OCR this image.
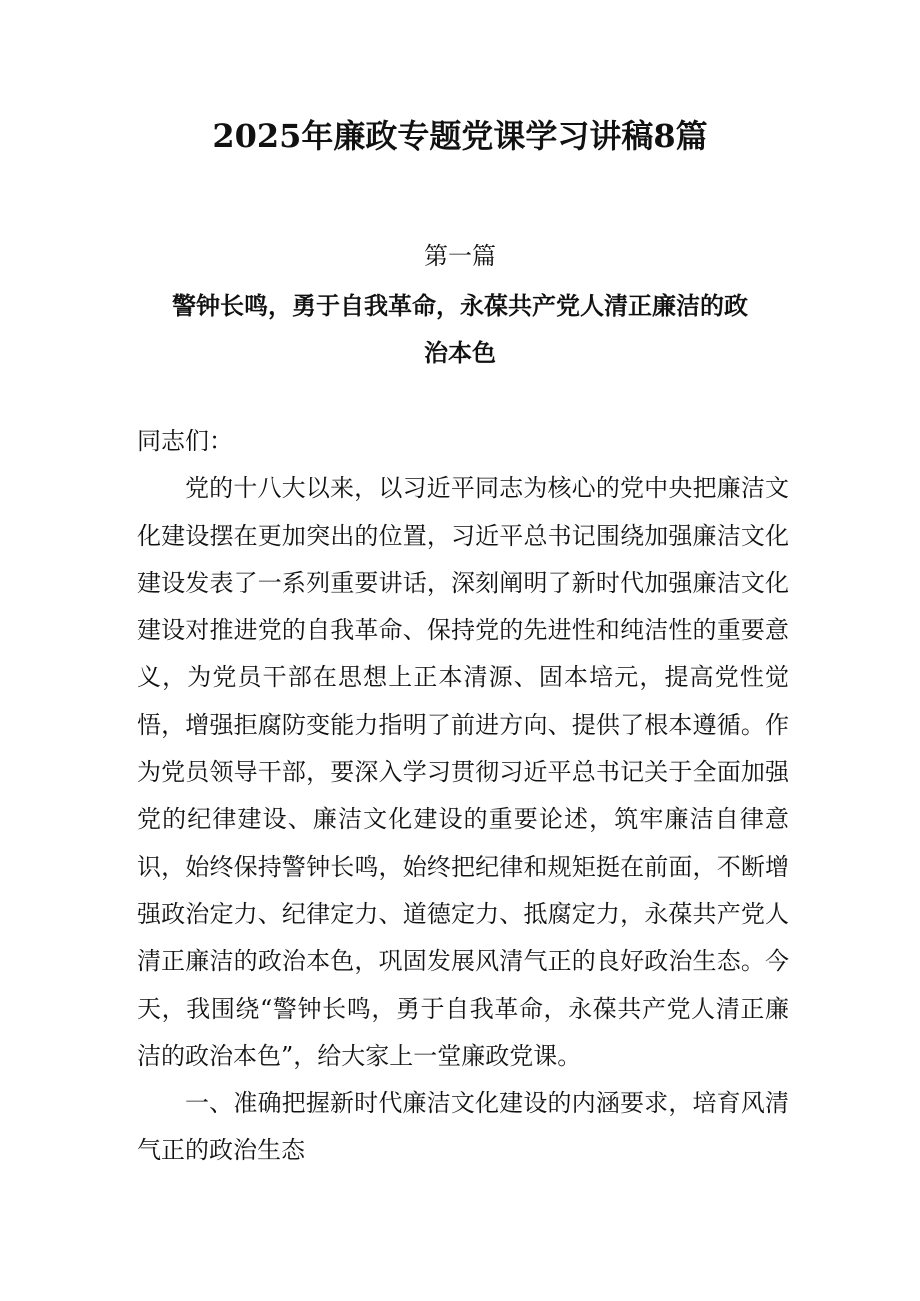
2025年廉政专题党课学习讲稿8篇
第一篇
警钟长鸣，勇于自我革命，永葆共产党人清正廉洁的政治本色

同志们：

党的十八大以来，以习近平同志为核心的党中央把廉洁文化建设摆在更加突出的位置，习近平总书记围绕加强廉洁文化建设发表了一系列重要讲话，深刻阐明了新时代加强廉洁文化建设对推进党的自我革命、保持党的先进性和纯洁性的重要意义，为党员干部在思想上正本清源、固本培元，提高党性觉悟，增强拒腐防变能力指明了前进方向、提供了根本遵循。作为党员领导干部，要深入学习贯彻习近平总书记关于全面加强党的纪律建设、廉洁文化建设的重要论述，筑牢廉洁自律意识，始终保持警钟长鸣，始终把纪律和规矩挺在前面，不断增强政治定力、纪律定力、道德定力、抵腐定力，永葆共产党人清正廉洁的政治本色，巩固发展风清气正的良好政治生态。今天，我围绕“警钟长鸣，勇于自我革命，永葆共产党人清正廉洁的政治本色”，给大家上一堂廉政党课。

一、准确把握新时代廉洁文化建设的内涵要求，培育风清气正的政治生态
